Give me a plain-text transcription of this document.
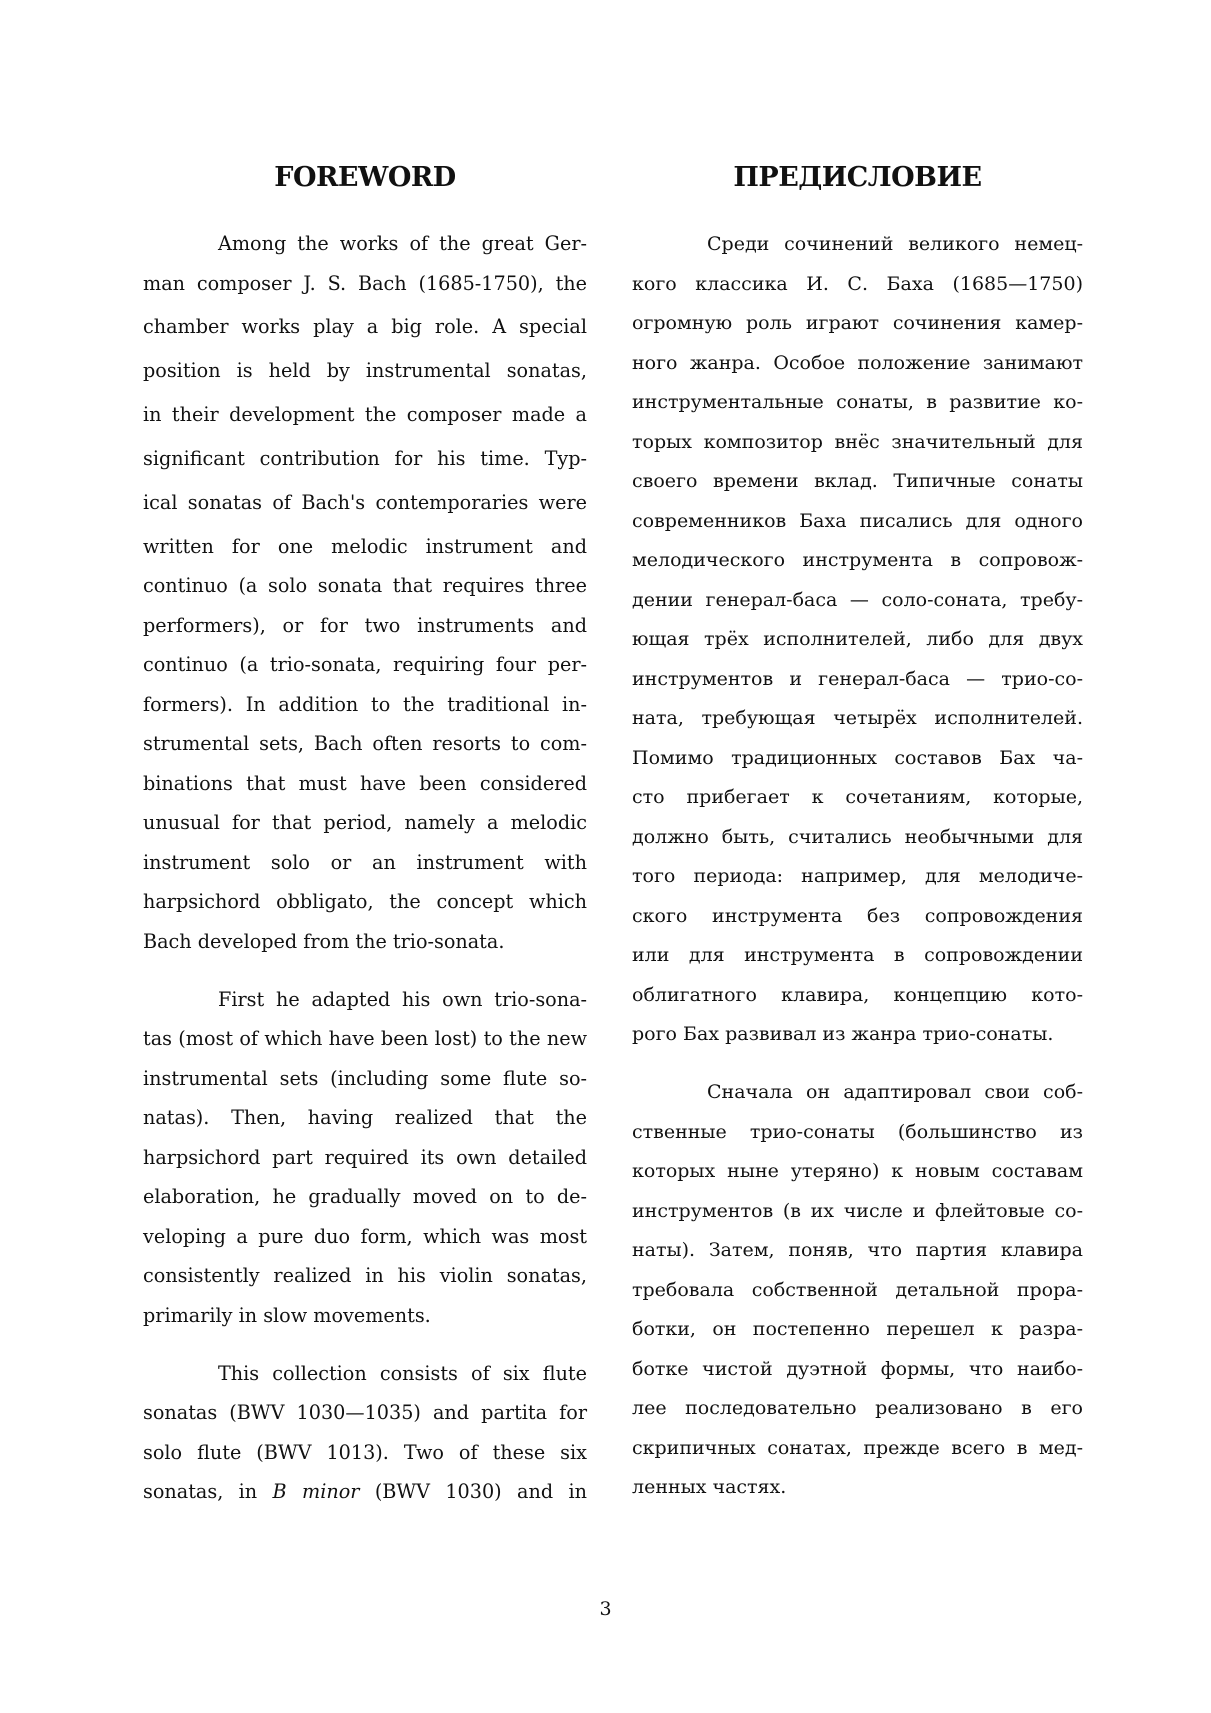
FOREWORD
Among the works of the great Ger-
man composer J. S. Bach (1685-1750), the
chamber works play a big role. A special
position is held by instrumental sonatas,
in their development the composer made a
significant contribution for his time. Typ-
ical sonatas of Bach's contemporaries were
written for one melodic instrument and
continuo (a solo sonata that requires three
performers), or for two instruments and
continuo (a trio-sonata, requiring four per-
formers). In addition to the traditional in-
strumental sets, Bach often resorts to com-
binations that must have been considered
unusual for that period, namely a melodic
instrument solo or an instrument with
harpsichord obbligato, the concept which
Bach developed from the trio-sonata.
First he adapted his own trio-sona-
tas (most of which have been lost) to the new
instrumental sets (including some flute so-
natas). Then, having realized that the
harpsichord part required its own detailed
elaboration, he gradually moved on to de-
veloping a pure duo form, which was most
consistently realized in his violin sonatas,
primarily in slow movements.
This collection consists of six flute
sonatas (BWV 1030—1035) and partita for
solo flute (BWV 1013). Two of these six
sonatas, in B minor (BWV 1030) and in
ПРЕДИСЛОВИЕ
Среди сочинений великого немец-
кого классика И. С. Баха (1685—1750)
огромную роль играют сочинения камер-
ного жанра. Особое положение занимают
инструментальные сонаты, в развитие ко-
торых композитор внёс значительный для
своего времени вклад. Типичные сонаты
современников Баха писались для одного
мелодического инструмента в сопровож-
дении генерал-баса — соло-соната, требу-
ющая трёх исполнителей, либо для двух
инструментов и генерал-баса — трио-со-
ната, требующая четырёх исполнителей.
Помимо традиционных составов Бах ча-
сто прибегает к сочетаниям, которые,
должно быть, считались необычными для
того периода: например, для мелодиче-
ского инструмента без сопровождения
или для инструмента в сопровождении
облигатного клавира, концепцию кото-
рого Бах развивал из жанра трио-сонаты.
Сначала он адаптировал свои соб-
ственные трио-сонаты (большинство из
которых ныне утеряно) к новым составам
инструментов (в их числе и флейтовые со-
наты). Затем, поняв, что партия клавира
требовала собственной детальной прора-
ботки, он постепенно перешел к разра-
ботке чистой дуэтной формы, что наибо-
лее последовательно реализовано в его
скрипичных сонатах, прежде всего в мед-
ленных частях.
3
